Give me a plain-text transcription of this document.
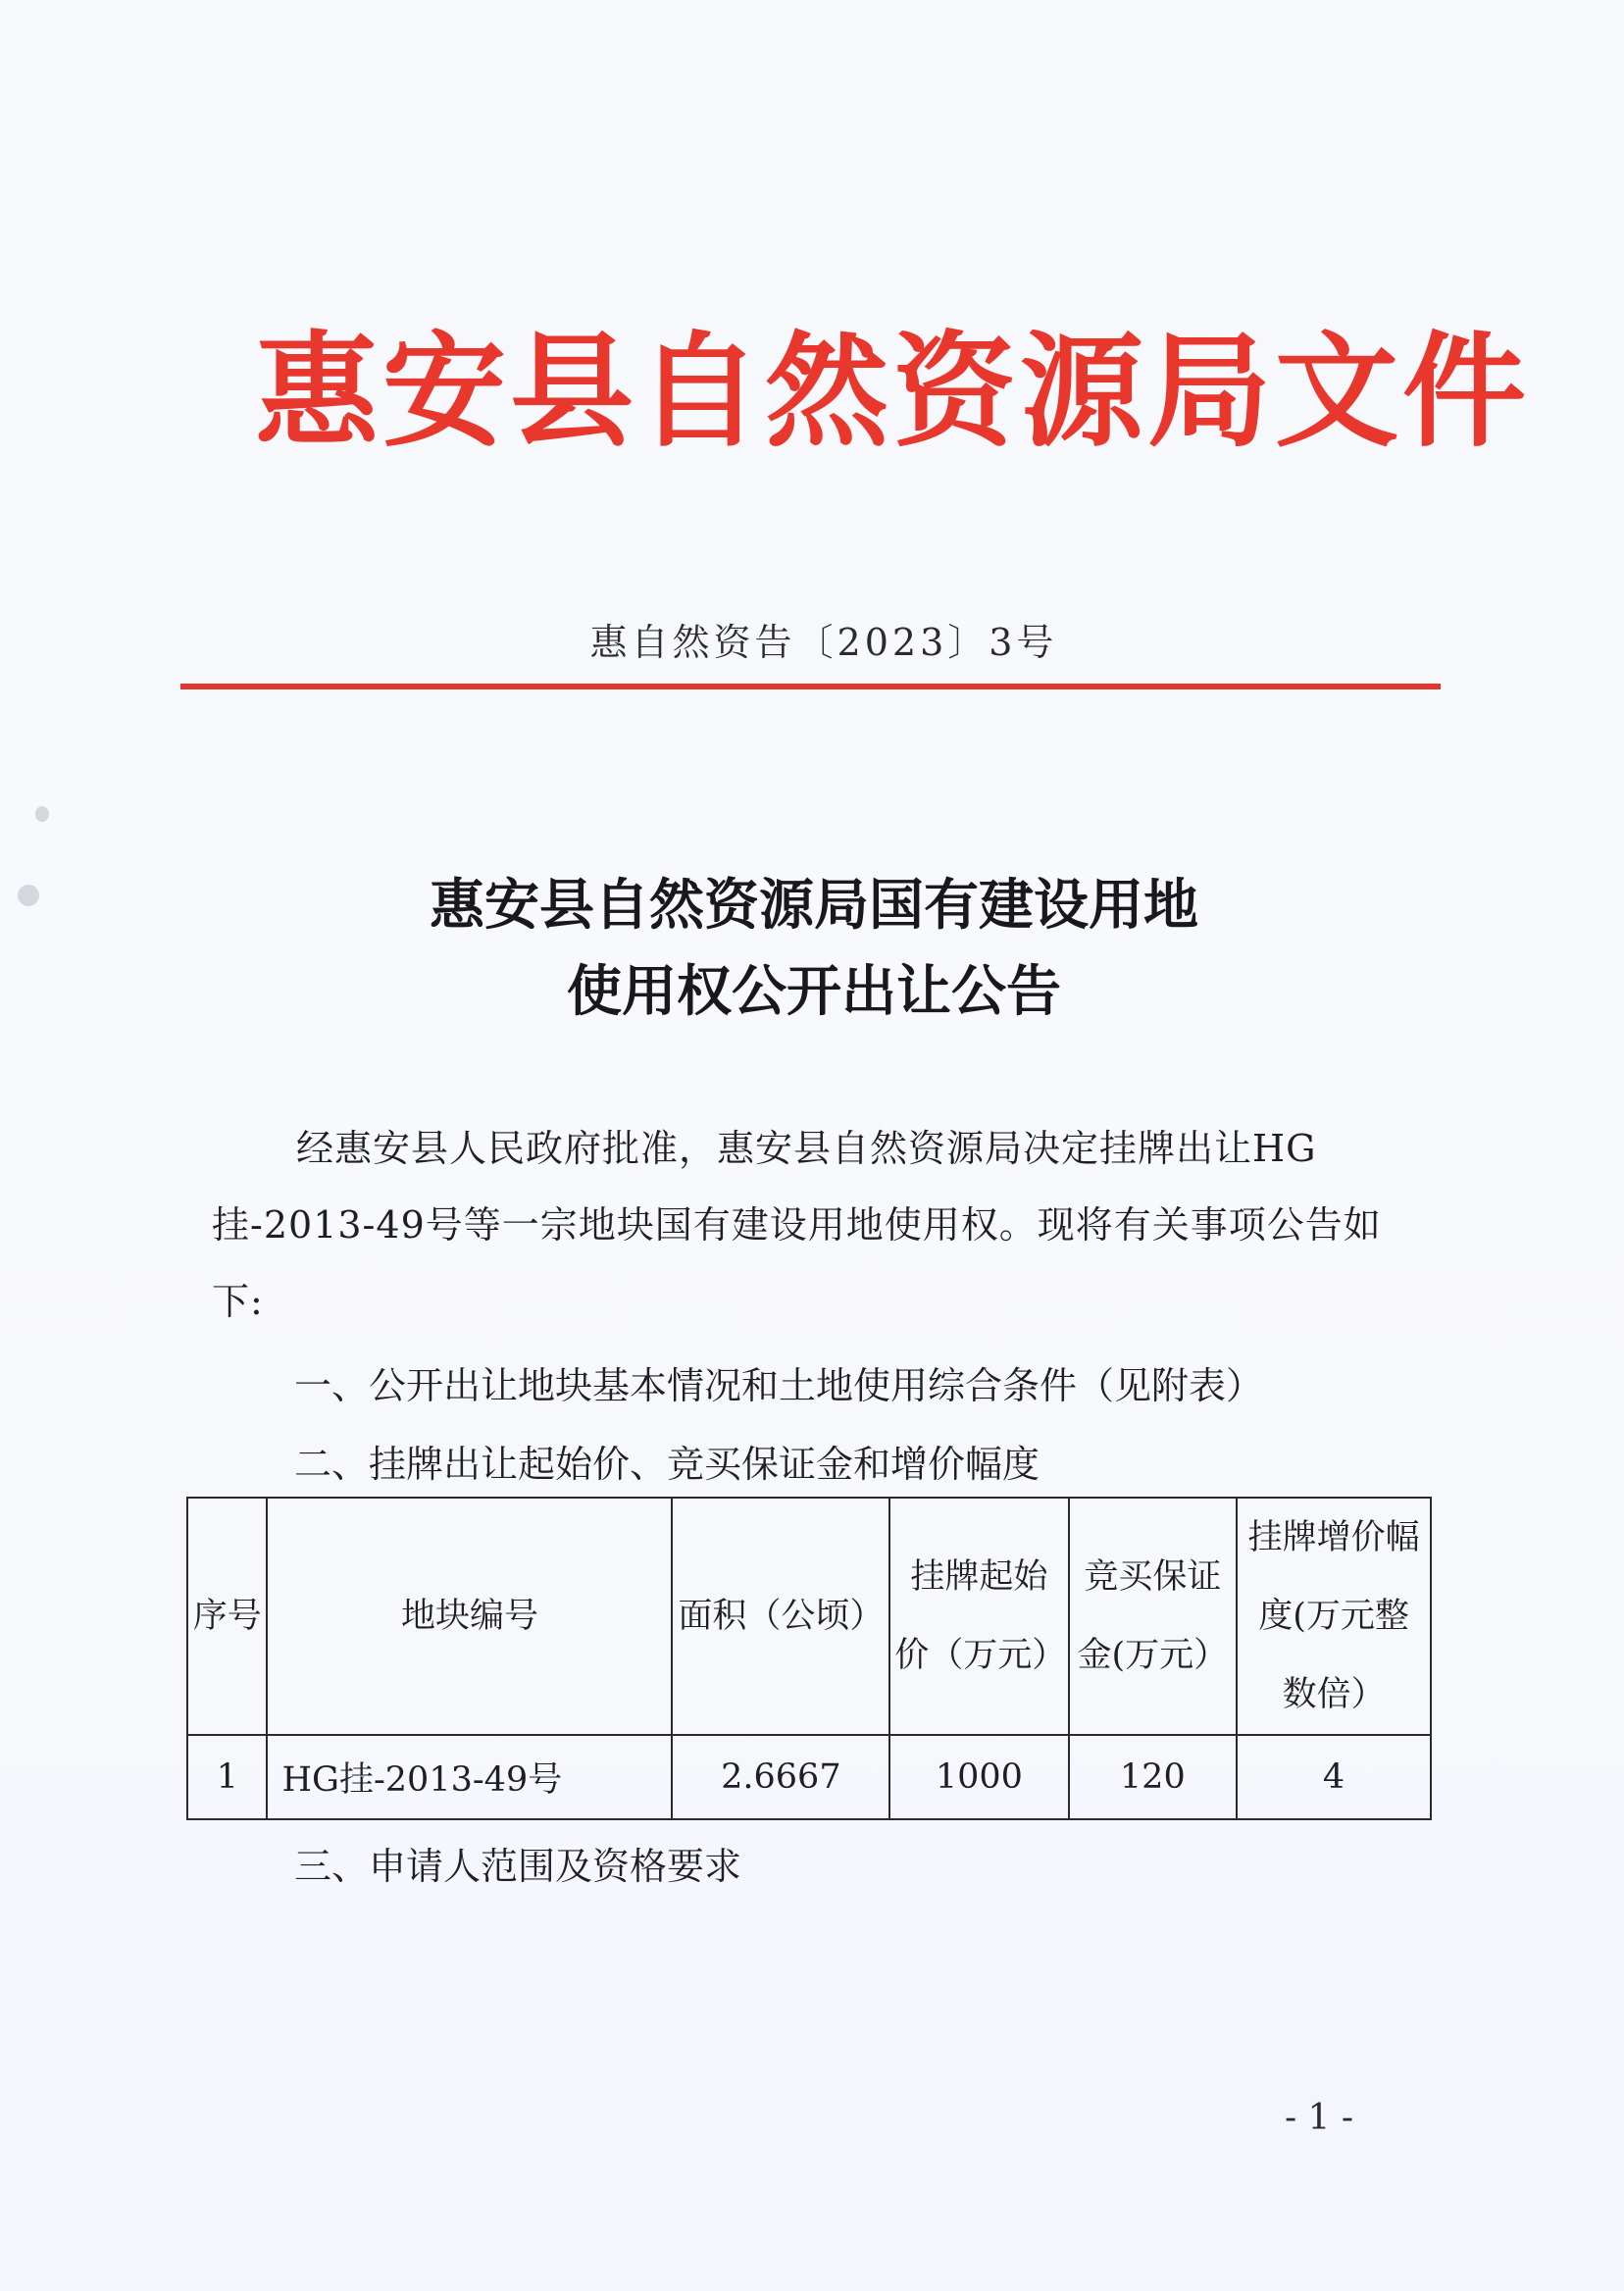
惠安县自然资源局文件
惠自然资告〔2023〕3号
惠安县自然资源局国有建设用地
使用权公开出让公告
经惠安县人民政府批准，惠安县自然资源局决定挂牌出让HG挂-2013-49号等一宗地块国有建设用地使用权。现将有关事项公告如下:
一、公开出让地块基本情况和土地使用综合条件（见附表）
二、挂牌出让起始价、竞买保证金和增价幅度
序号	地块编号	面积（公顷）	挂牌起始价（万元）	竞买保证金(万元）	挂牌增价幅度(万元整数倍）
1	HG挂-2013-49号	2.6667	1000	120	4
三、申请人范围及资格要求
- 1 -
